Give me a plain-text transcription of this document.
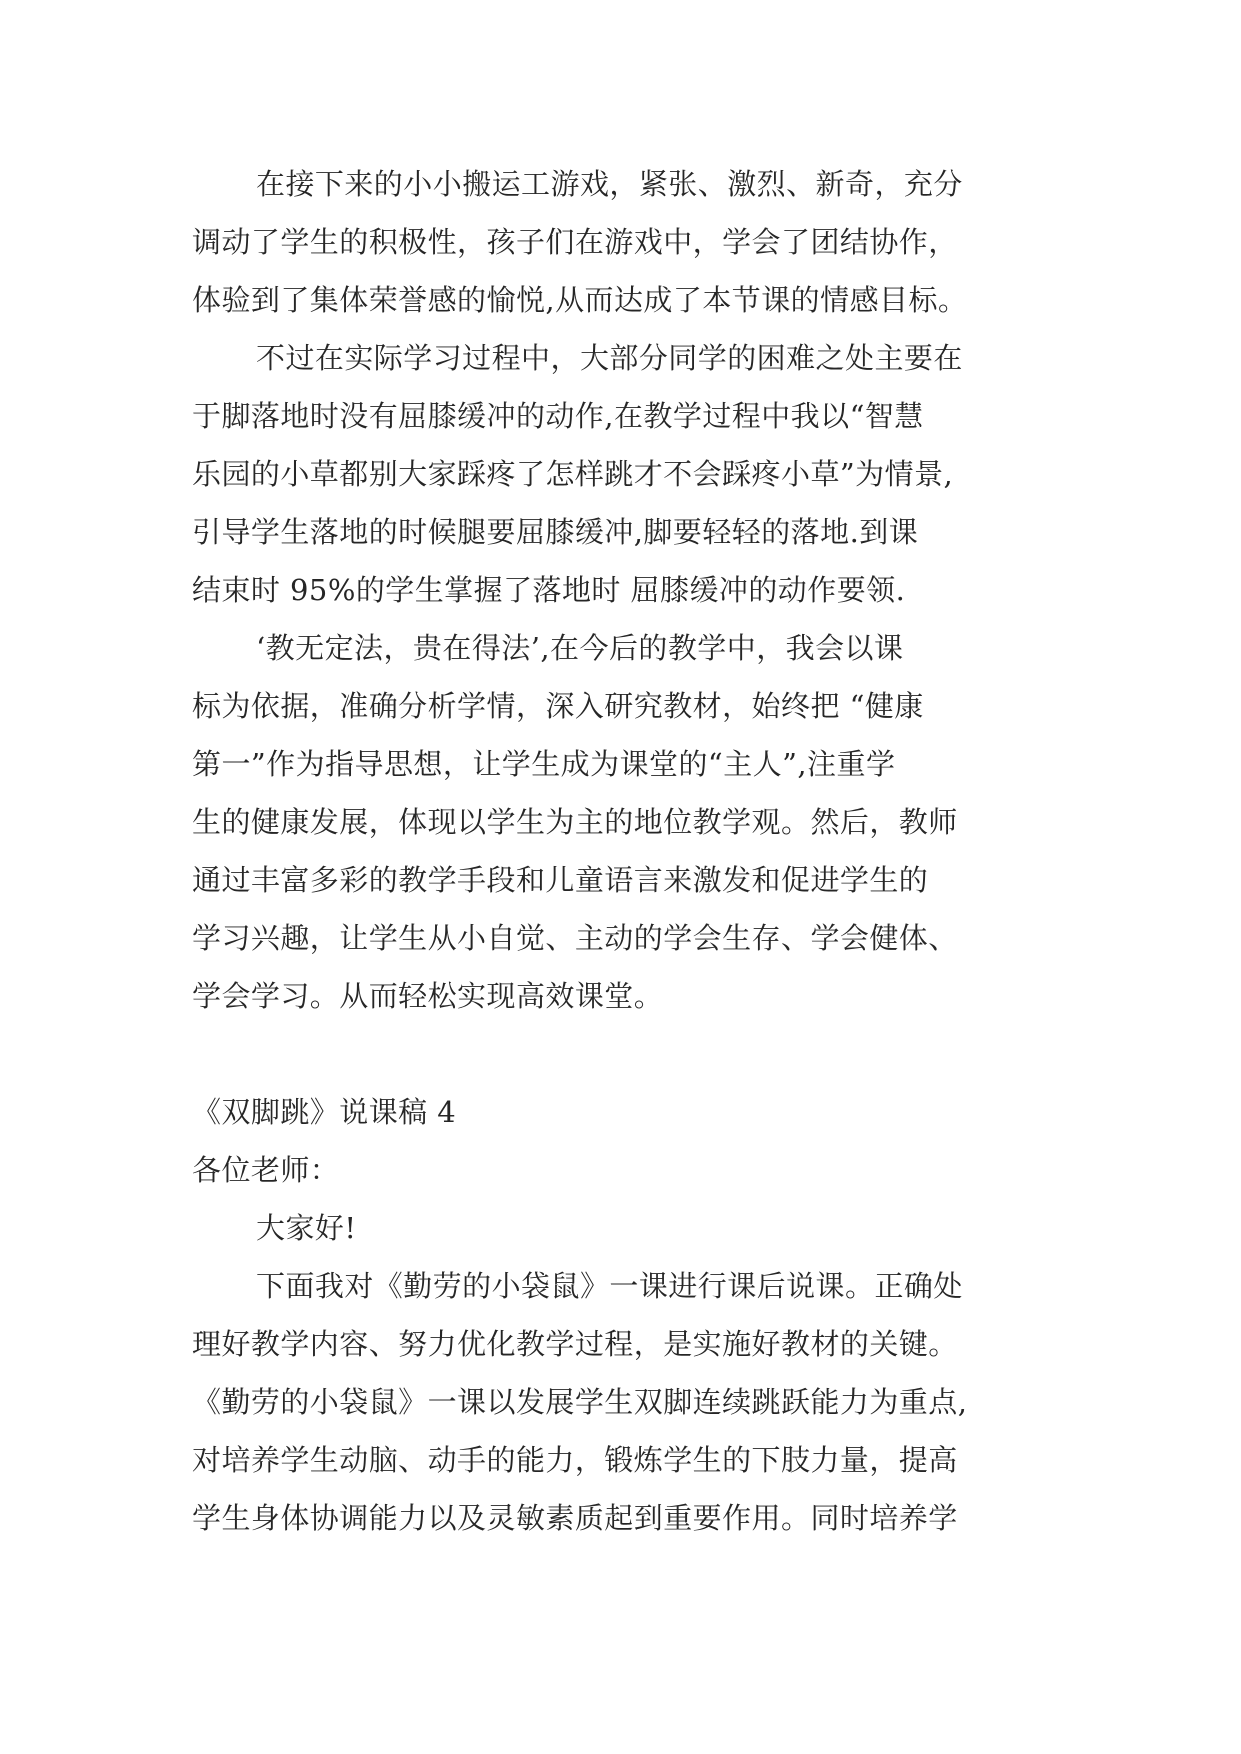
在接下来的小小搬运工游戏，紧张、激烈、新奇，充分
调动了学生的积极性，孩子们在游戏中，学会了团结协作，
体验到了集体荣誉感的愉悦,从而达成了本节课的情感目标。
不过在实际学习过程中，大部分同学的困难之处主要在
于脚落地时没有屈膝缓冲的动作,在教学过程中我以“智慧
乐园的小草都别大家踩疼了怎样跳才不会踩疼小草”为情景,
引导学生落地的时候腿要屈膝缓冲,脚要轻轻的落地.到课
结束时 95%的学生掌握了落地时 屈膝缓冲的动作要领.
‘教无定法，贵在得法’,在今后的教学中，我会以课
标为依据，准确分析学情，深入研究教材，始终把 “健康
第一”作为指导思想，让学生成为课堂的“主人”,注重学
生的健康发展，体现以学生为主的地位教学观。然后，教师
通过丰富多彩的教学手段和儿童语言来激发和促进学生的
学习兴趣，让学生从小自觉、主动的学会生存、学会健体、
学会学习。从而轻松实现高效课堂。
《双脚跳》说课稿 4
各位老师：
大家好!
下面我对《勤劳的小袋鼠》一课进行课后说课。正确处
理好教学内容、努力优化教学过程，是实施好教材的关键。
《勤劳的小袋鼠》一课以发展学生双脚连续跳跃能力为重点,
对培养学生动脑、动手的能力，锻炼学生的下肢力量，提高
学生身体协调能力以及灵敏素质起到重要作用。同时培养学
